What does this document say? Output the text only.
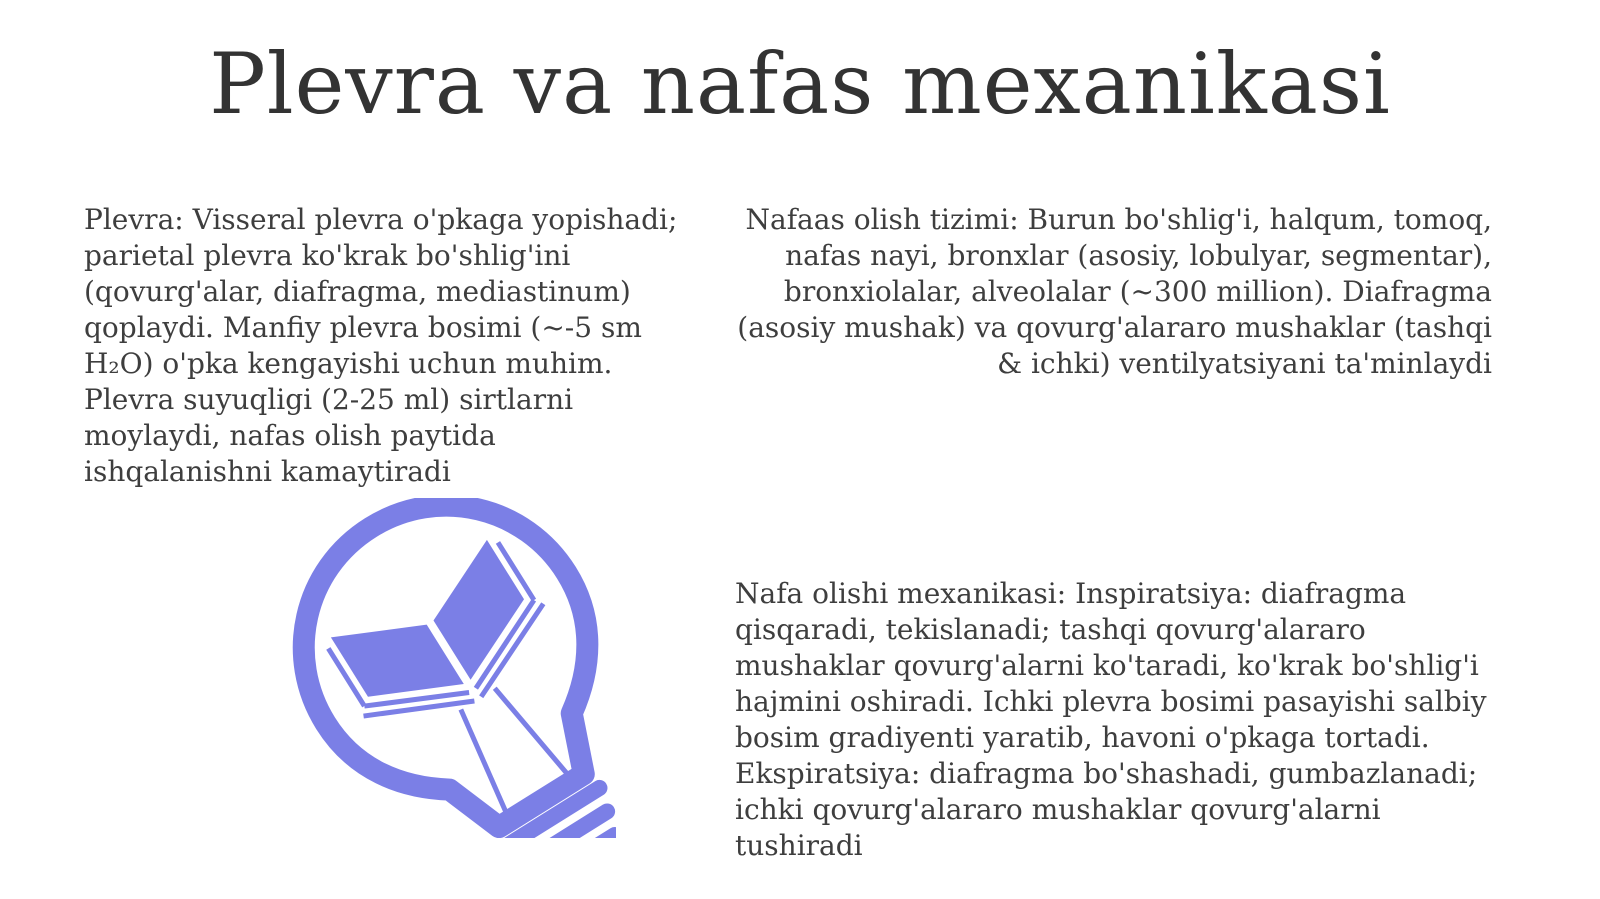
Plevra va nafas mexanikasi

Plevra: Visseral plevra o'pkaga yopishadi; parietal plevra ko'krak bo'shlig'ini (qovurg'alar, diafragma, mediastinum) qoplaydi. Manfiy plevra bosimi (~-5 sm H₂O) o'pka kengayishi uchun muhim. Plevra suyuqligi (2-25 ml) sirtlarni moylaydi, nafas olish paytida ishqalanishni kamaytiradi

Nafaas olish tizimi: Burun bo'shlig'i, halqum, tomoq, nafas nayi, bronxlar (asosiy, lobulyar, segmentar), bronxiolalar, alveolalar (~300 million). Diafragma (asosiy mushak) va qovurg'alararo mushaklar (tashqi & ichki) ventilyatsiyani ta'minlaydi

Nafa olishi mexanikasi: Inspiratsiya: diafragma qisqaradi, tekislanadi; tashqi qovurg'alararo mushaklar qovurg'alarni ko'taradi, ko'krak bo'shlig'i hajmini oshiradi. Ichki plevra bosimi pasayishi salbiy bosim gradiyenti yaratib, havoni o'pkaga tortadi. Ekspiratsiya: diafragma bo'shashadi, gumbazlanadi; ichki qovurg'alararo mushaklar qovurg'alarni tushiradi
